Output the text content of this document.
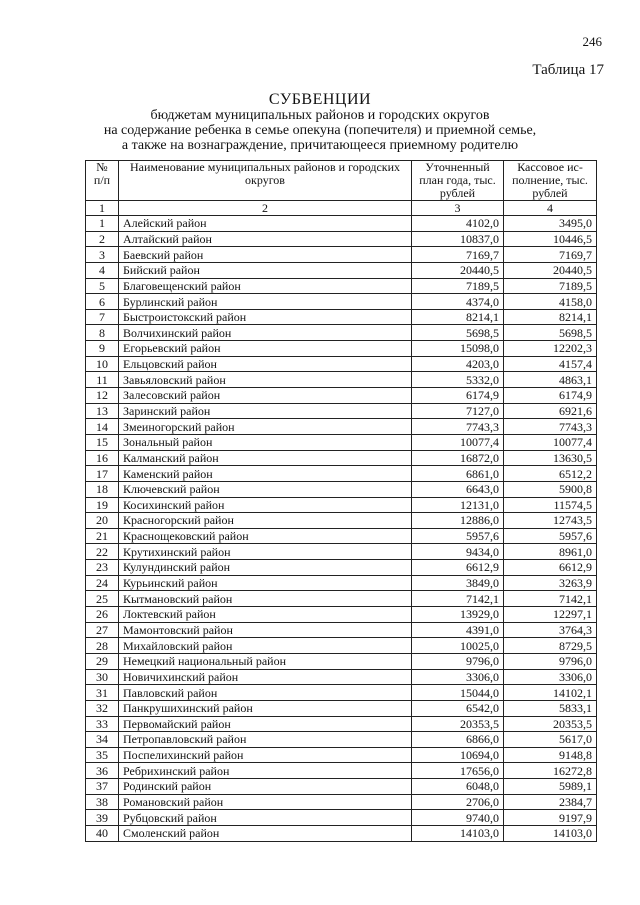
246
Таблица 17
СУБВЕНЦИИ
бюджетам муниципальных районов и городских округов
на содержание ребенка в семье опекуна (попечителя) и приемной семье,
а также на вознаграждение, причитающееся приемному родителю
№ п/п	Наименование муниципальных районов и городских округов	Уточненный план года, тыс. рублей	Кассовое ис-полнение, тыс. рублей
1	2	3	4
1	Алейский район	4102,0	3495,0
2	Алтайский район	10837,0	10446,5
3	Баевский район	7169,7	7169,7
4	Бийский район	20440,5	20440,5
5	Благовещенский район	7189,5	7189,5
6	Бурлинский район	4374,0	4158,0
7	Быстроистокский район	8214,1	8214,1
8	Волчихинский район	5698,5	5698,5
9	Егорьевский район	15098,0	12202,3
10	Ельцовский район	4203,0	4157,4
11	Завьяловский район	5332,0	4863,1
12	Залесовский район	6174,9	6174,9
13	Заринский район	7127,0	6921,6
14	Змеиногорский район	7743,3	7743,3
15	Зональный район	10077,4	10077,4
16	Калманский район	16872,0	13630,5
17	Каменский район	6861,0	6512,2
18	Ключевский район	6643,0	5900,8
19	Косихинский район	12131,0	11574,5
20	Красногорский район	12886,0	12743,5
21	Краснощековский район	5957,6	5957,6
22	Крутихинский район	9434,0	8961,0
23	Кулундинский район	6612,9	6612,9
24	Курьинский район	3849,0	3263,9
25	Кытмановский район	7142,1	7142,1
26	Локтевский район	13929,0	12297,1
27	Мамонтовский район	4391,0	3764,3
28	Михайловский район	10025,0	8729,5
29	Немецкий национальный район	9796,0	9796,0
30	Новичихинский район	3306,0	3306,0
31	Павловский район	15044,0	14102,1
32	Панкрушихинский район	6542,0	5833,1
33	Первомайский район	20353,5	20353,5
34	Петропавловский район	6866,0	5617,0
35	Поспелихинский район	10694,0	9148,8
36	Ребрихинский район	17656,0	16272,8
37	Родинский район	6048,0	5989,1
38	Романовский район	2706,0	2384,7
39	Рубцовский район	9740,0	9197,9
40	Смоленский район	14103,0	14103,0
